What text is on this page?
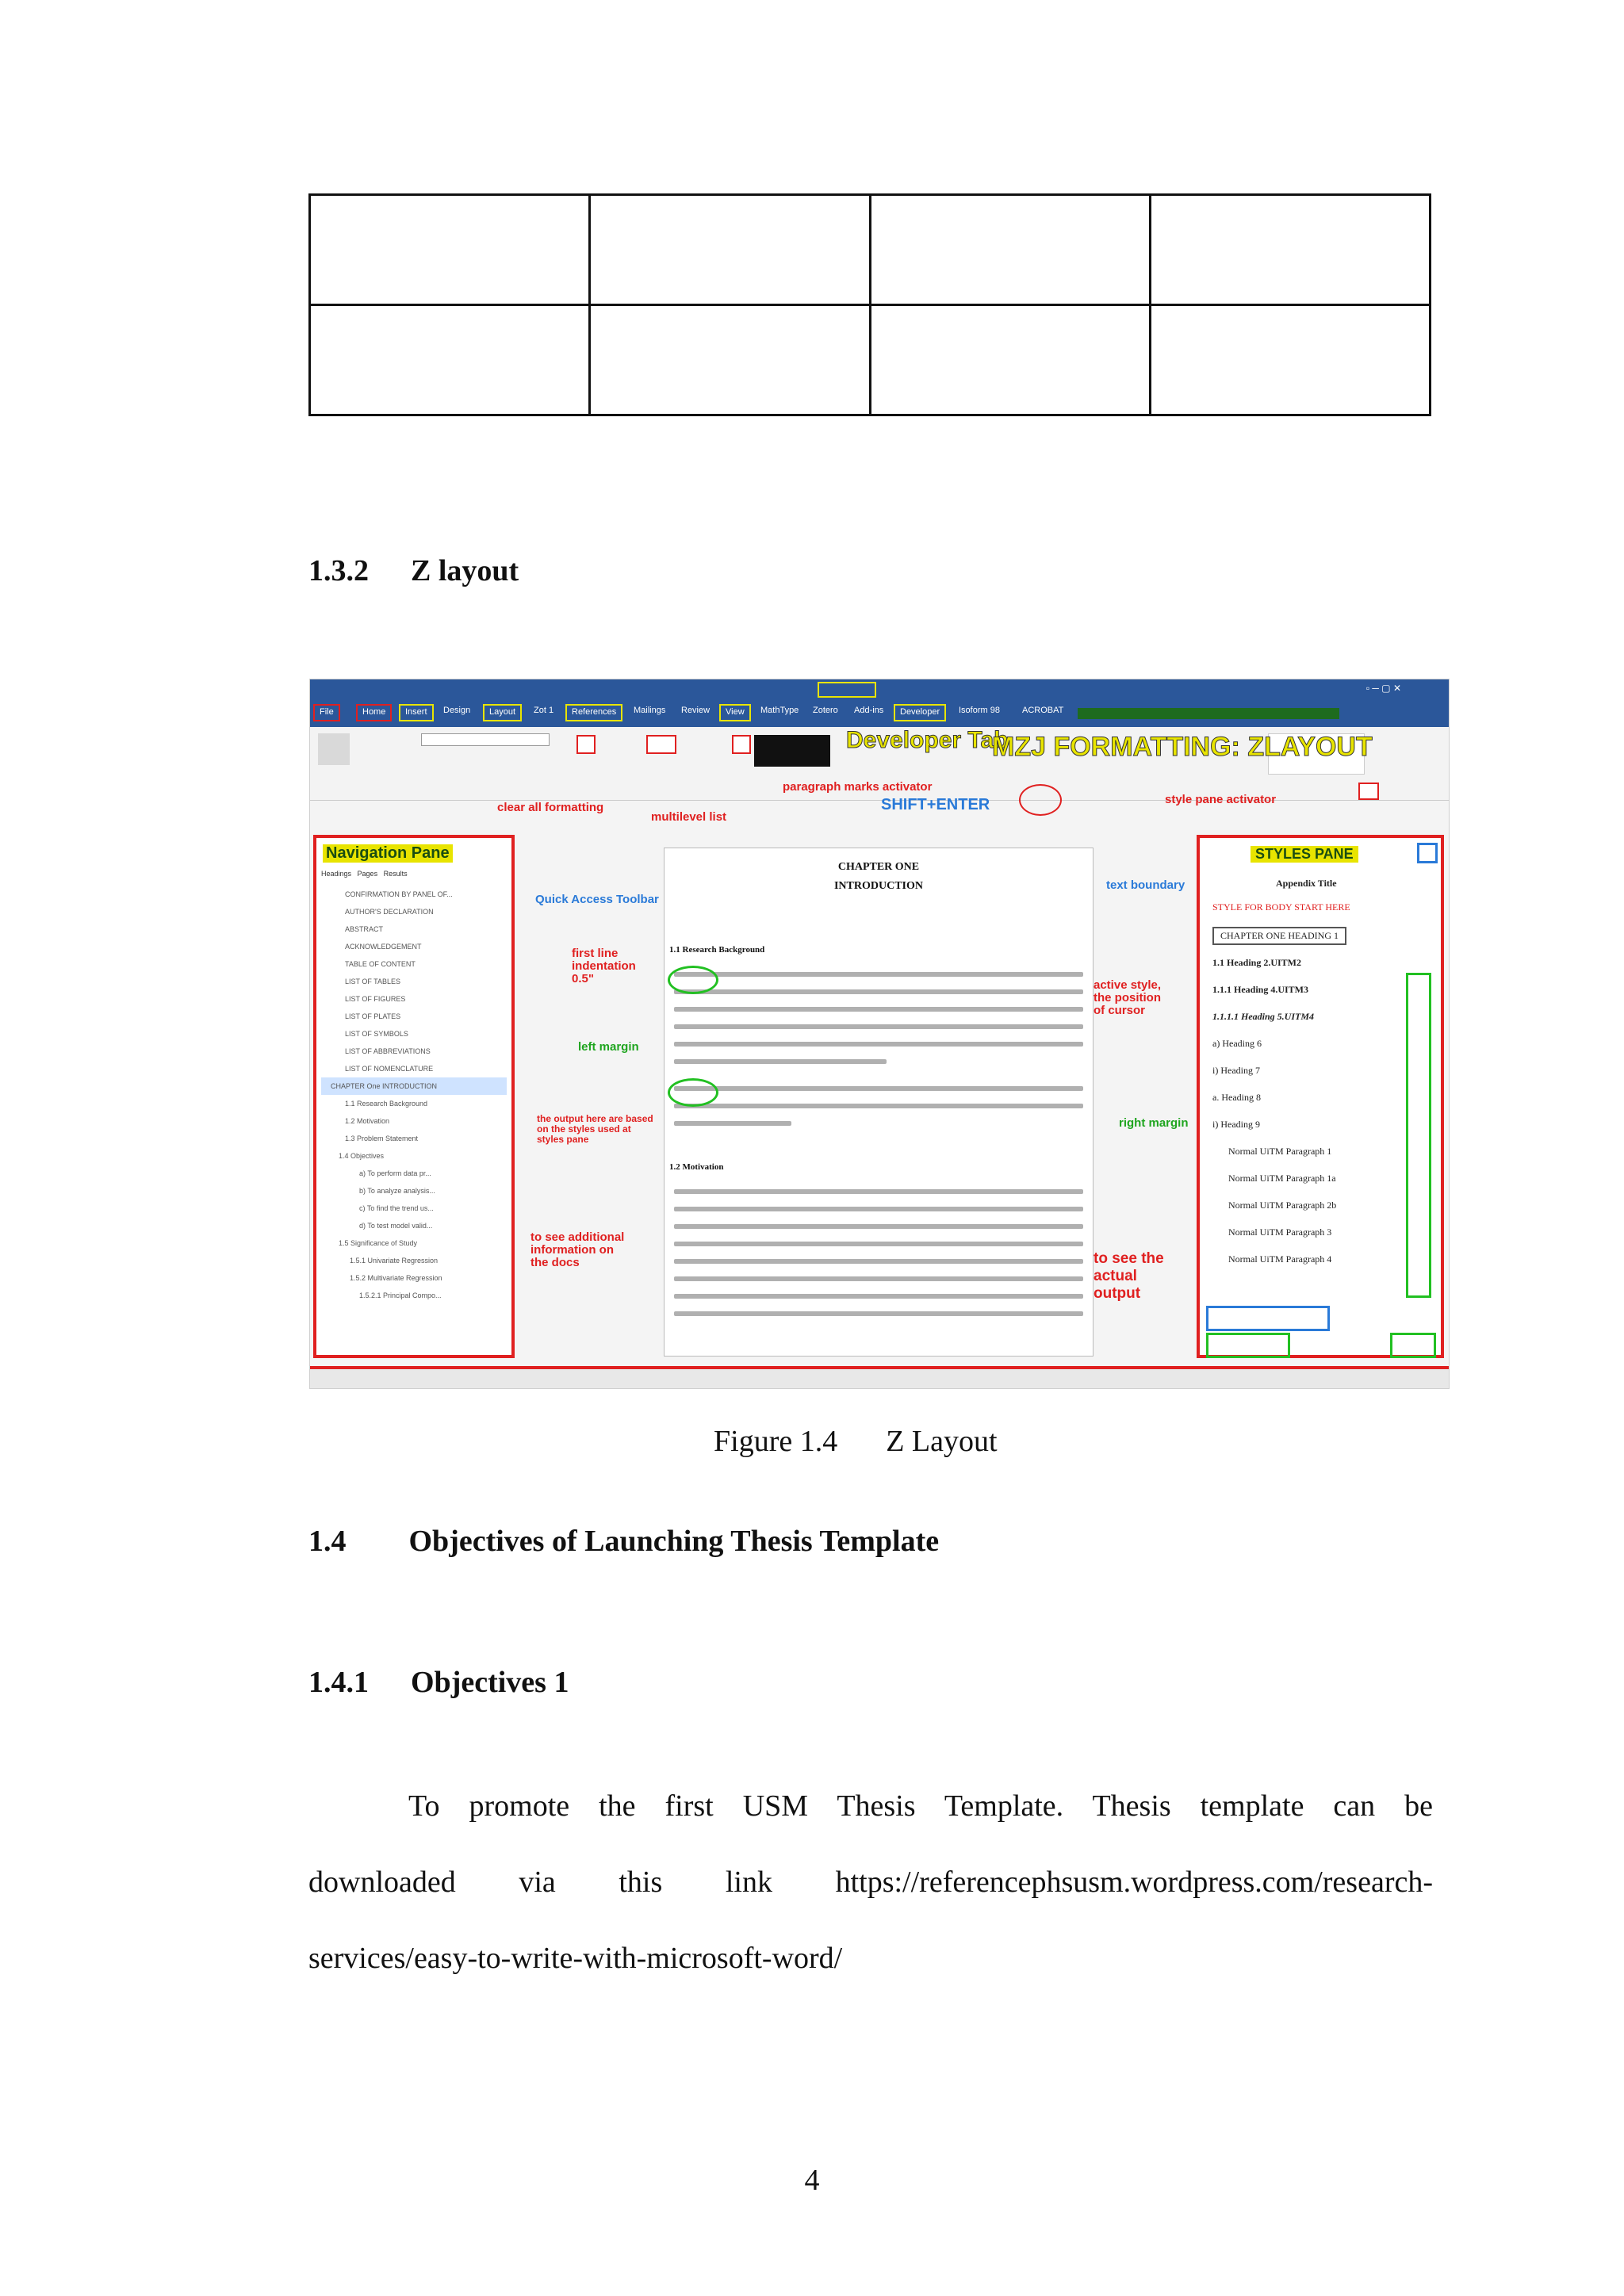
1.3.2 Z layout
▫ ─ ▢ ✕
File	Home	Insert	Design	Layout	Zot 1	References	Mailings	Review	View	MathType	Zotero	Add-ins	Developer	Isoform 98	ACROBAT
Developer Tab
MZJ FORMATTING: ZLAYOUT
clear all formatting
multilevel list
paragraph marks activator
SHIFT+ENTER	style pane activator
Quick Access Toolbar
text boundary
first line indentation 0.5"
left margin
right margin
active style, the position of cursor
the output here are based on the styles used at styles pane
to see additional information on the docs	to see the actual output
Navigation Pane
Headings Pages Results
CONFIRMATION BY PANEL OF...
AUTHOR'S DECLARATION
ABSTRACT
ACKNOWLEDGEMENT
TABLE OF CONTENT
LIST OF TABLES
LIST OF FIGURES
LIST OF PLATES
LIST OF SYMBOLS
LIST OF ABBREVIATIONS
LIST OF NOMENCLATURE
CHAPTER One INTRODUCTION
1.1 Research Background
1.2 Motivation
1.3 Problem Statement
1.4 Objectives
a) To perform data pr...
b) To analyze analysis...
c) To find the trend us...
d) To test model valid...
1.5 Significance of Study
1.5.1 Univariate Regression
1.5.2 Multivariate Regression
1.5.2.1 Principal Compo...
CHAPTER ONE
INTRODUCTION
1.1 Research Background
1.2 Motivation
STYLES PANE
Appendix Title
STYLE FOR BODY START HERE
CHAPTER ONE HEADING 1
1.1 Heading 2.UITM2
1.1.1 Heading 4.UITM3
1.1.1.1 Heading 5.UITM4
a) Heading 6
i) Heading 7
a. Heading 8
i) Heading 9
Normal UiTM Paragraph 1
Normal UiTM Paragraph 1a
Normal UiTM Paragraph 2b
Normal UiTM Paragraph 3
Normal UiTM Paragraph 4
Figure 1.4 Z Layout
1.4 Objectives of Launching Thesis Template
1.4.1 Objectives 1
To promote the first USM Thesis Template. Thesis template can be
downloaded via this link https://referencephsusm.wordpress.com/research-
services/easy-to-write-with-microsoft-word/
4
